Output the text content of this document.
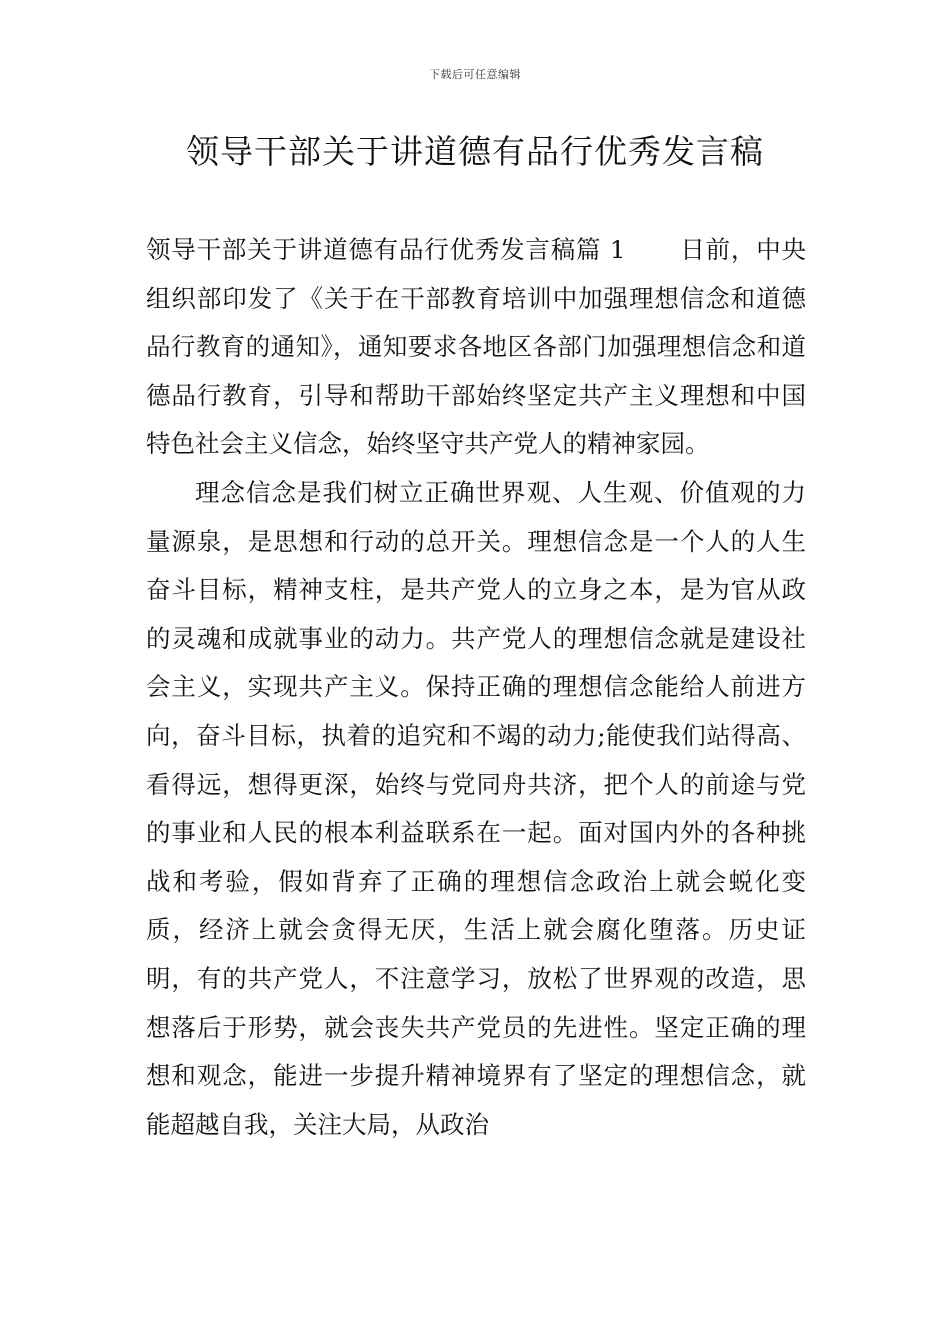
下载后可任意编辑
领导干部关于讲道德有品行优秀发言稿

领导干部关于讲道德有品行优秀发言稿篇 1 日前，中央组织部印发了《关于在干部教育培训中加强理想信念和道德品行教育的通知》，通知要求各地区各部门加强理想信念和道德品行教育，引导和帮助干部始终坚定共产主义理想和中国特色社会主义信念，始终坚守共产党人的精神家园。

理念信念是我们树立正确世界观、人生观、价值观的力量源泉，是思想和行动的总开关。理想信念是一个人的人生奋斗目标，精神支柱，是共产党人的立身之本，是为官从政的灵魂和成就事业的动力。共产党人的理想信念就是建设社会主义，实现共产主义。保持正确的理想信念能给人前进方向，奋斗目标，执着的追究和不竭的动力;能使我们站得高、看得远，想得更深，始终与党同舟共济，把个人的前途与党的事业和人民的根本利益联系在一起。面对国内外的各种挑战和考验，假如背弃了正确的理想信念政治上就会蜕化变质，经济上就会贪得无厌，生活上就会腐化堕落。历史证明，有的共产党人，不注意学习，放松了世界观的改造，思想落后于形势，就会丧失共产党员的先进性。坚定正确的理想和观念，能进一步提升精神境界有了坚定的理想信念，就能超越自我，关注大局，从政治
